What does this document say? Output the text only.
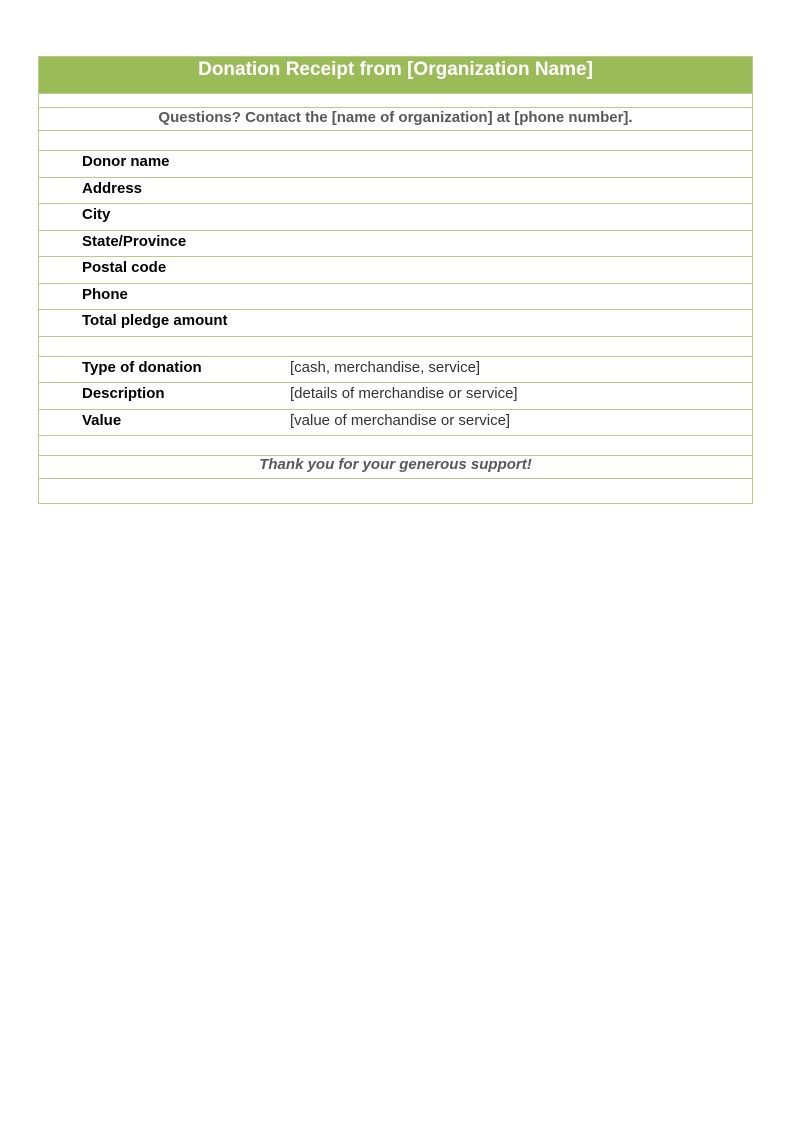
Donation Receipt from [Organization Name]
Questions? Contact the [name of organization] at [phone number].
Donor name
Address
City
State/Province
Postal code
Phone
Total pledge amount
Type of donation	[cash, merchandise, service]
Description	[details of merchandise or service]
Value	[value of merchandise or service]
Thank you for your generous support!
